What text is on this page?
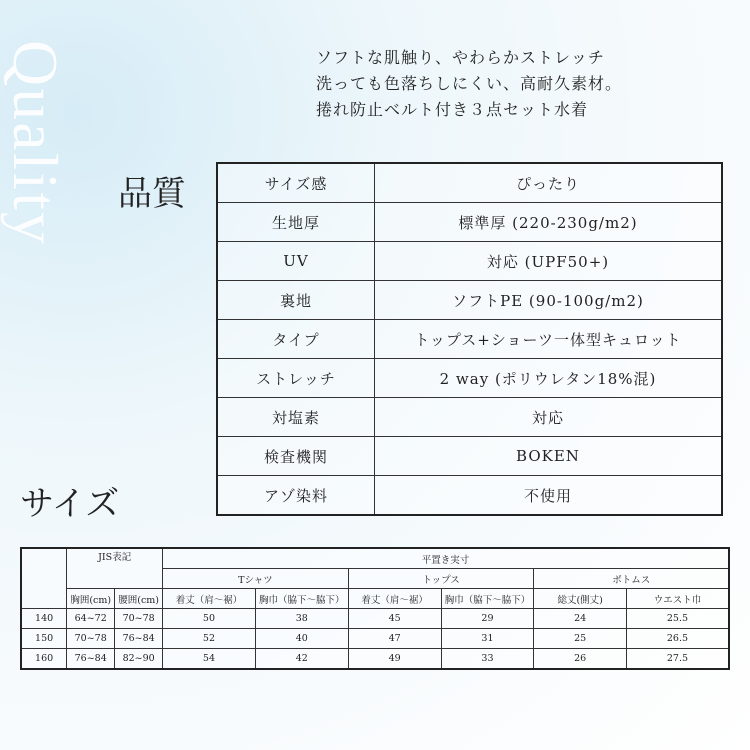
Quality	ソフトな肌触り、やわらかストレッチ
洗っても色落ちしにくい、高耐久素材。
捲れ防止ベルト付き３点セット水着
品質
サイズ
サイズ感	ぴったり
生地厚	標準厚 (220-230g/m2)
UV	対応 (UPF50+)
裏地	ソフトPE (90-100g/m2)
タイプ	トップス+ショーツ一体型キュロット
ストレッチ	2 way (ポリウレタン18%混)
対塩素	対応
検査機関	BOKEN
アゾ染料	不使用
	JIS表記		平置き実寸					
			Tシャツ		トップス		ボトムス	
	胸囲(cm)	腰囲(cm)	着丈（肩〜裾）	胸巾（脇下〜脇下）	着丈（肩〜裾）	胸巾（脇下〜脇下）	総丈(側丈)	ウエスト巾
140	64~72	70~78	50	38	45	29	24	25.5
150	70~78	76~84	52	40	47	31	25	26.5
160	76~84	82~90	54	42	49	33	26	27.5
